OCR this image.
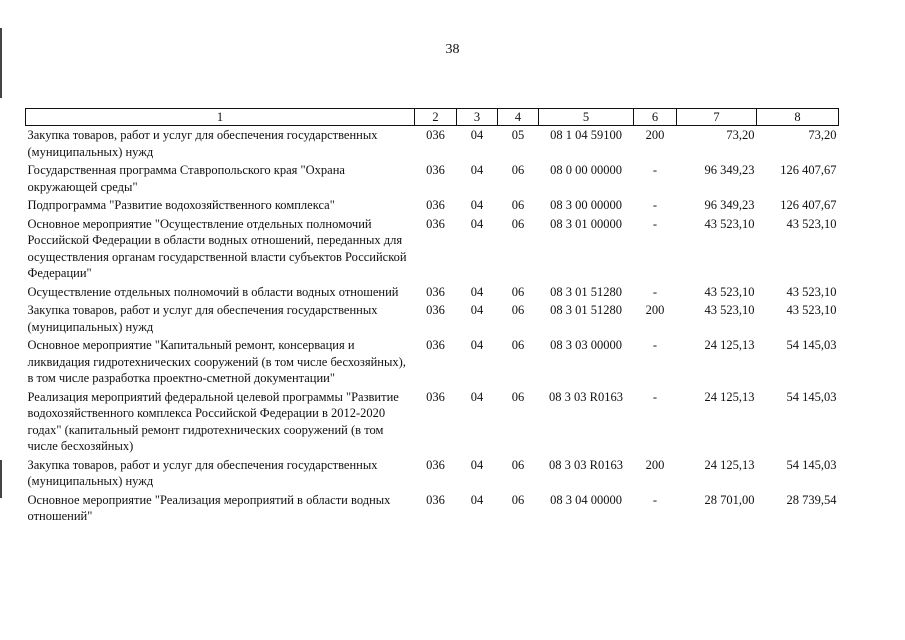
38
1	2	3	4	5	6	7	8
Закупка товаров, работ и услуг для обеспечения государственных (муниципальных) нужд	036	04	05	08 1 04 59100	200	73,20	73,20
Государственная программа Ставропольского края "Охрана окружающей среды"	036	04	06	08 0 00 00000	-	96 349,23	126 407,67
Подпрограмма "Развитие водохозяйственного комплекса"	036	04	06	08 3 00 00000	-	96 349,23	126 407,67
Основное мероприятие "Осуществление отдельных полномочий Российской Федерации в области водных отношений, переданных для осуществления органам государственной власти субъектов Российской Федерации"	036	04	06	08 3 01 00000	-	43 523,10	43 523,10
Осуществление отдельных полномочий в области водных отношений	036	04	06	08 3 01 51280	-	43 523,10	43 523,10
Закупка товаров, работ и услуг для обеспечения государственных (муниципальных) нужд	036	04	06	08 3 01 51280	200	43 523,10	43 523,10
Основное мероприятие "Капитальный ремонт, консервация и ликвидация гидротехнических сооружений (в том числе бесхозяйных), в том числе разработка проектно-сметной документации"	036	04	06	08 3 03 00000	-	24 125,13	54 145,03
Реализация мероприятий федеральной целевой программы "Развитие водохозяйственного комплекса Российской Федерации в 2012-2020 годах" (капитальный ремонт гидротехнических сооружений (в том числе бесхозяйных)	036	04	06	08 3 03 R0163	-	24 125,13	54 145,03
Закупка товаров, работ и услуг для обеспечения государственных (муниципальных) нужд	036	04	06	08 3 03 R0163	200	24 125,13	54 145,03
Основное мероприятие "Реализация мероприятий в области водных отношений"	036	04	06	08 3 04 00000	-	28 701,00	28 739,54
